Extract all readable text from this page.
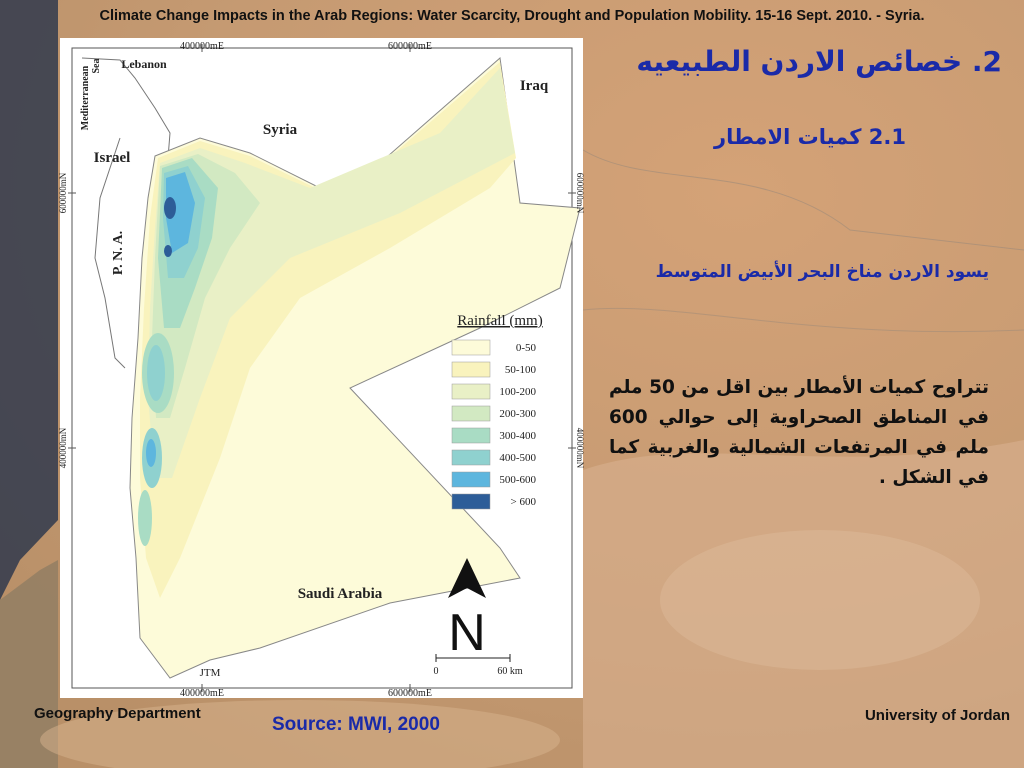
Climate Change Impacts in the Arab Regions: Water Scarcity, Drought and Population Mobility. 15-16 Sept. 2010. - Syria.
400000mE	600000mE
400000mE	600000mE
JTM
600000mN
400000mN
600000mN
400000mN
Mediterranean Sea Lebanon
Syria
Iraq
Israel
P. N. A.
Saudi Arabia
Rainfall (mm)
0-50
50-100
100-200
200-300
300-400
400-500
500-600
> 600
N
0	60 km
2. خصائص الاردن الطبيعيه
2.1 كميات الامطار
يسود الاردن مناخ البحر الأبيض المتوسط
تتراوح كميات الأمطار بين اقل من 50 ملم في المناطق الصحراوية إلى حوالي 600 ملم في المرتفعات الشمالية والغربية كما في الشكل .
Geography Department
Source: MWI, 2000	University of Jordan
